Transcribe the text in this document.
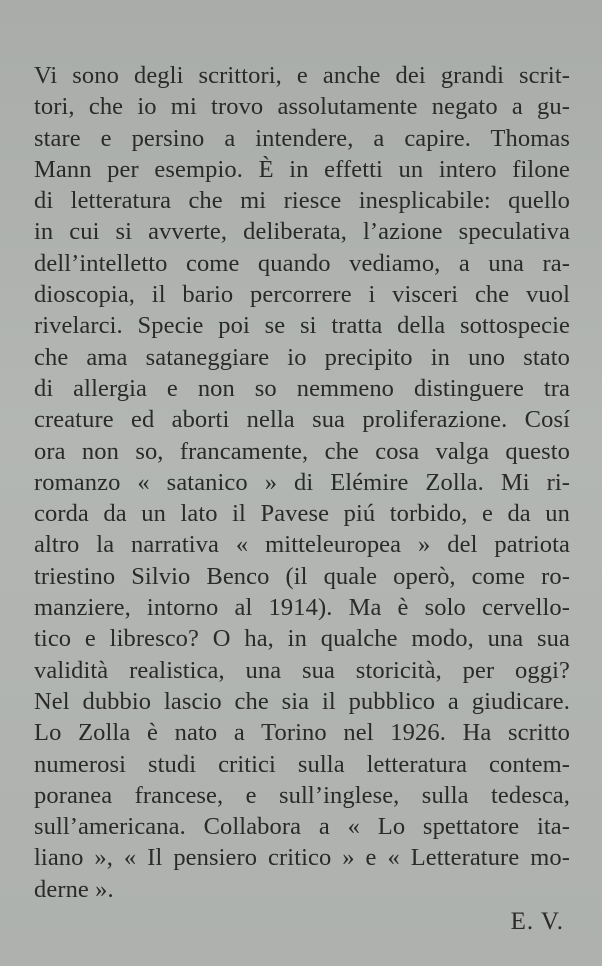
Vi sono degli scrittori, e anche dei grandi scrit-
tori, che io mi trovo assolutamente negato a gu-
stare e persino a intendere, a capire. Thomas
Mann per esempio. È in effetti un intero filone
di letteratura che mi riesce inesplicabile: quello
in cui si avverte, deliberata, l’azione speculativa
dell’intelletto come quando vediamo, a una ra-
dioscopia, il bario percorrere i visceri che vuol
rivelarci. Specie poi se si tratta della sottospecie
che ama sataneggiare io precipito in uno stato
di allergia e non so nemmeno distinguere tra
creature ed aborti nella sua proliferazione. Cosí
ora non so, francamente, che cosa valga questo
romanzo « satanico » di Elémire Zolla. Mi ri-
corda da un lato il Pavese piú torbido, e da un
altro la narrativa « mitteleuropea » del patriota
triestino Silvio Benco (il quale operò, come ro-
manziere, intorno al 1914). Ma è solo cervello-
tico e libresco? O ha, in qualche modo, una sua
validità realistica, una sua storicità, per oggi?
Nel dubbio lascio che sia il pubblico a giudicare.
Lo Zolla è nato a Torino nel 1926. Ha scritto
numerosi studi critici sulla letteratura contem-
poranea francese, e sull’inglese, sulla tedesca,
sull’americana. Collabora a « Lo spettatore ita-
liano », « Il pensiero critico » e « Letterature mo-
derne ».
E. V.
